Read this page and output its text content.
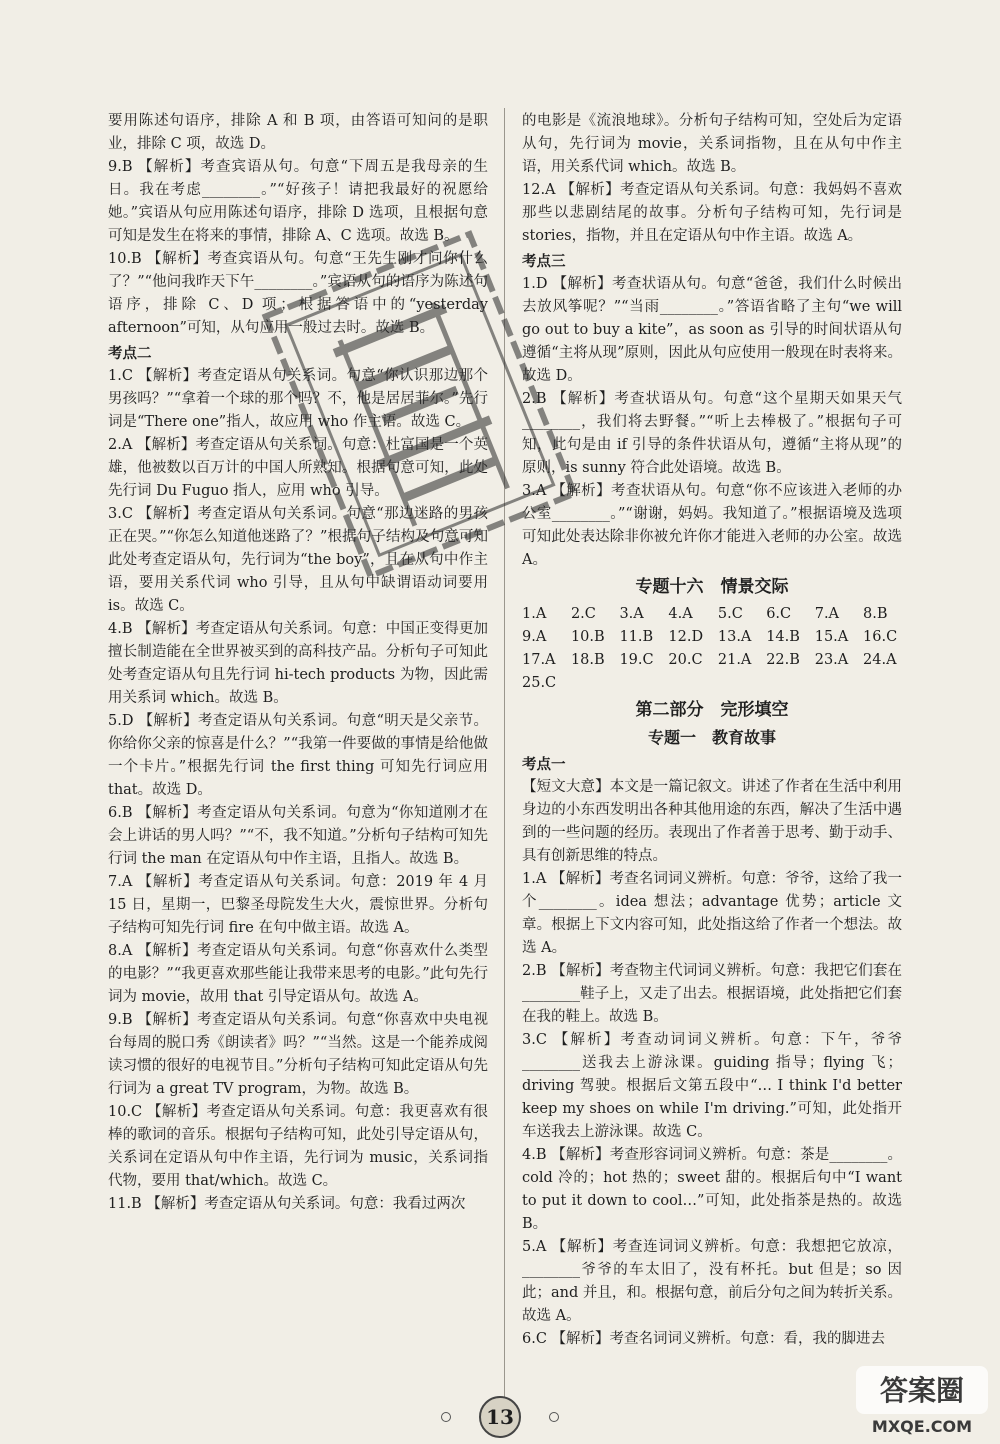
要用陈述句语序，排除 A 和 B 项，由答语可知问的是职业，排除 C 项，故选 D。
9.B 【解析】考查宾语从句。句意“下周五是我母亲的生日。我在考虑________。”“好孩子！请把我最好的祝愿给她。”宾语从句应用陈述句语序，排除 D 选项，且根据句意可知是发生在将来的事情，排除 A、C 选项。故选 B。
10.B 【解析】考查宾语从句。句意“王先生刚才问你什么了？”“他问我昨天下午________。”宾语从句的语序为陈述句语序，排除 C、D 项；根据答语中的“yesterday afternoon”可知，从句应用一般过去时。故选 B。
考点二
1.C 【解析】考查定语从句关系词。句意“你认识那边那个男孩吗？”“拿着一个球的那个吗？不，他是居居菲尔。”先行词是“There one”指人，故应用 who 作主语。故选 C。
2.A 【解析】考查定语从句关系词。句意：杜富国是一个英雄，他被数以百万计的中国人所熟知。根据句意可知，此处先行词 Du Fuguo 指人，应用 who 引导。
3.C 【解析】考查定语从句关系词。句意“那边迷路的男孩正在哭。”“你怎么知道他迷路了？”根据句子结构及句意可知此处考查定语从句，先行词为“the boy”，且在从句中作主语，要用关系代词 who 引导，且从句中缺谓语动词要用 is。故选 C。
4.B 【解析】考查定语从句关系词。句意：中国正变得更加擅长制造能在全世界被买到的高科技产品。分析句子可知此处考查定语从句且先行词 hi-tech products 为物，因此需用关系词 which。故选 B。
5.D 【解析】考查定语从句关系词。句意“明天是父亲节。你给你父亲的惊喜是什么？”“我第一件要做的事情是给他做一个卡片。”根据先行词 the first thing 可知先行词应用 that。故选 D。
6.B 【解析】考查定语从句关系词。句意为“你知道刚才在会上讲话的男人吗？”“不，我不知道。”分析句子结构可知先行词 the man 在定语从句中作主语，且指人。故选 B。
7.A 【解析】考查定语从句关系词。句意：2019 年 4 月 15 日，星期一，巴黎圣母院发生大火，震惊世界。分析句子结构可知先行词 fire 在句中做主语。故选 A。
8.A 【解析】考查定语从句关系词。句意“你喜欢什么类型的电影？”“我更喜欢那些能让我带来思考的电影。”此句先行词为 movie，故用 that 引导定语从句。故选 A。
9.B 【解析】考查定语从句关系词。句意“你喜欢中央电视台每周的脱口秀《朗读者》吗？”“当然。这是一个能养成阅读习惯的很好的电视节目。”分析句子结构可知此定语从句先行词为 a great TV program，为物。故选 B。
10.C 【解析】考查定语从句关系词。句意：我更喜欢有很棒的歌词的音乐。根据句子结构可知，此处引导定语从句，关系词在定语从句中作主语，先行词为 music，关系词指代物，要用 that/which。故选 C。
11.B 【解析】考查定语从句关系词。句意：我看过两次
的电影是《流浪地球》。分析句子结构可知，空处后为定语从句，先行词为 movie，关系词指物，且在从句中作主语，用关系代词 which。故选 B。
12.A 【解析】考查定语从句关系词。句意：我妈妈不喜欢那些以悲剧结尾的故事。分析句子结构可知，先行词是 stories，指物，并且在定语从句中作主语。故选 A。
考点三
1.D 【解析】考查状语从句。句意“爸爸，我们什么时候出去放风筝呢？”“当雨________。”答语省略了主句“we will go out to buy a kite”，as soon as 引导的时间状语从句遵循“主将从现”原则，因此从句应使用一般现在时表将来。故选 D。
2.B 【解析】考查状语从句。句意“这个星期天如果天气________，我们将去野餐。”“听上去棒极了。”根据句子可知，此句是由 if 引导的条件状语从句，遵循“主将从现”的原则，is sunny 符合此处语境。故选 B。
3.A 【解析】考查状语从句。句意“你不应该进入老师的办公室________。”“谢谢，妈妈。我知道了。”根据语境及选项可知此处表达除非你被允许你才能进入老师的办公室。故选 A。
专题十六　情景交际
1.A	2.C	3.A	4.A	5.C	6.C	7.A	8.B
9.A	10.B	11.B	12.D	13.A	14.B	15.A	16.C
17.A	18.B	19.C	20.C	21.A	22.B	23.A	24.A
25.C
第二部分　完形填空
专题一　教育故事
考点一
【短文大意】本文是一篇记叙文。讲述了作者在生活中利用身边的小东西发明出各种其他用途的东西，解决了生活中遇到的一些问题的经历。表现出了作者善于思考、勤于动手、具有创新思维的特点。
1.A 【解析】考查名词词义辨析。句意：爷爷，这给了我一个________。idea 想法；advantage 优势；article 文章。根据上下文内容可知，此处指这给了作者一个想法。故选 A。
2.B 【解析】考查物主代词词义辨析。句意：我把它们套在________鞋子上，又走了出去。根据语境，此处指把它们套在我的鞋上。故选 B。
3.C 【解析】考查动词词义辨析。句意：下午，爷爷________送我去上游泳课。guiding 指导；flying 飞；driving 驾驶。根据后文第五段中“… I think I'd better keep my shoes on while I'm driving.”可知，此处指开车送我去上游泳课。故选 C。
4.B 【解析】考查形容词词义辨析。句意：茶是________。cold 冷的；hot 热的；sweet 甜的。根据后句中“I want to put it down to cool…”可知，此处指茶是热的。故选 B。
5.A 【解析】考查连词词义辨析。句意：我想把它放凉，________爷爷的车太旧了，没有杯托。but 但是；so 因此；and 并且，和。根据句意，前后分句之间为转折关系。故选 A。
6.C 【解析】考查名词词义辨析。句意：看，我的脚进去
13
答案圈
MXQE.COM
